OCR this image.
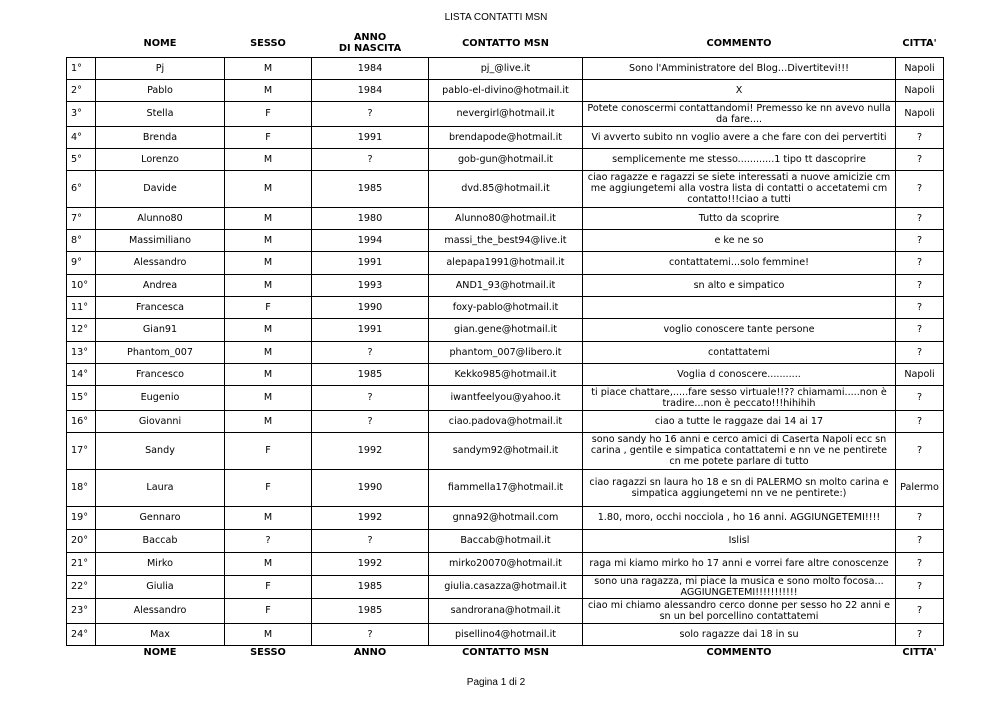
LISTA CONTATTI MSN
	NOME	SESSO	ANNO
DI NASCITA	CONTATTO MSN	COMMENTO	CITTA'
1°	Pj	M	1984	pj_@live.it	Sono l'Amministratore del Blog…Divertitevi!!!	Napoli
2°	Pablo	M	1984	pablo-el-divino@hotmail.it	X	Napoli
3°	Stella	F	?	nevergirl@hotmail.it	Potete conoscermi contattandomi! Premesso ke nn avevo nulla da fare....	Napoli
4°	Brenda	F	1991	brendapode@hotmail.it	Vi avverto subito nn voglio avere a che fare con dei pervertiti	?
5°	Lorenzo	M	?	gob-gun@hotmail.it	semplicemente me stesso............1 tipo tt dascoprire	?
6°	Davide	M	1985	dvd.85@hotmail.it	ciao ragazze e ragazzi se siete interessati a nuove amicizie cm me aggiungetemi alla vostra lista di contatti o accetatemi cm contatto!!!ciao a tutti	?
7°	Alunno80	M	1980	Alunno80@hotmail.it	Tutto da scoprire	?
8°	Massimiliano	M	1994	massi_the_best94@live.it	e ke ne so	?
9°	Alessandro	M	1991	alepapa1991@hotmail.it	contattatemi...solo femmine!	?
10°	Andrea	M	1993	AND1_93@hotmail.it	sn alto e simpatico	?
11°	Francesca	F	1990	foxy-pablo@hotmail.it		?
12°	Gian91	M	1991	gian.gene@hotmail.it	voglio conoscere tante persone	?
13°	Phantom_007	M	?	phantom_007@libero.it	contattatemi	?
14°	Francesco	M	1985	Kekko985@hotmail.it	Voglia d conoscere...........	Napoli
15°	Eugenio	M	?	iwantfeelyou@yahoo.it	ti piace chattare,.....fare sesso virtuale!!?? chiamami.....non è tradire...non è peccato!!!hihihih	?
16°	Giovanni	M	?	ciao.padova@hotmail.it	ciao a tutte le raggaze dai 14 ai 17	?
17°	Sandy	F	1992	sandym92@hotmail.it	sono sandy ho 16 anni e cerco amici di Caserta Napoli ecc sn carina , gentile e simpatica contattatemi e nn ve ne pentirete cn me potete parlare di tutto	?
18°	Laura	F	1990	fiammella17@hotmail.it	ciao ragazzi sn laura ho 18 e sn di PALERMO sn molto carina e simpatica aggiungetemi nn ve ne pentirete:)	Palermo
19°	Gennaro	M	1992	gnna92@hotmail.com	1.80, moro, occhi nocciola , ho 16 anni. AGGIUNGETEMI!!!!	?
20°	Baccab	?	?	Baccab@hotmail.it	Islisl	?
21°	Mirko	M	1992	mirko20070@hotmail.it	raga mi kiamo mirko ho 17 anni e vorrei fare altre conoscenze	?
22°	Giulia	F	1985	giulia.casazza@hotmail.it	sono una ragazza, mi piace la musica e sono molto focosa... AGGIUNGETEMI!!!!!!!!!!!	?
23°	Alessandro	F	1985	sandrorana@hotmail.it	ciao mi chiamo alessandro cerco donne per sesso ho 22 anni e sn un bel porcellino contattatemi	?
24°	Max	M	?	pisellino4@hotmail.it	solo ragazze dai 18 in su	?
	NOME	SESSO	ANNO	CONTATTO MSN	COMMENTO	CITTA'
Pagina 1 di 2
